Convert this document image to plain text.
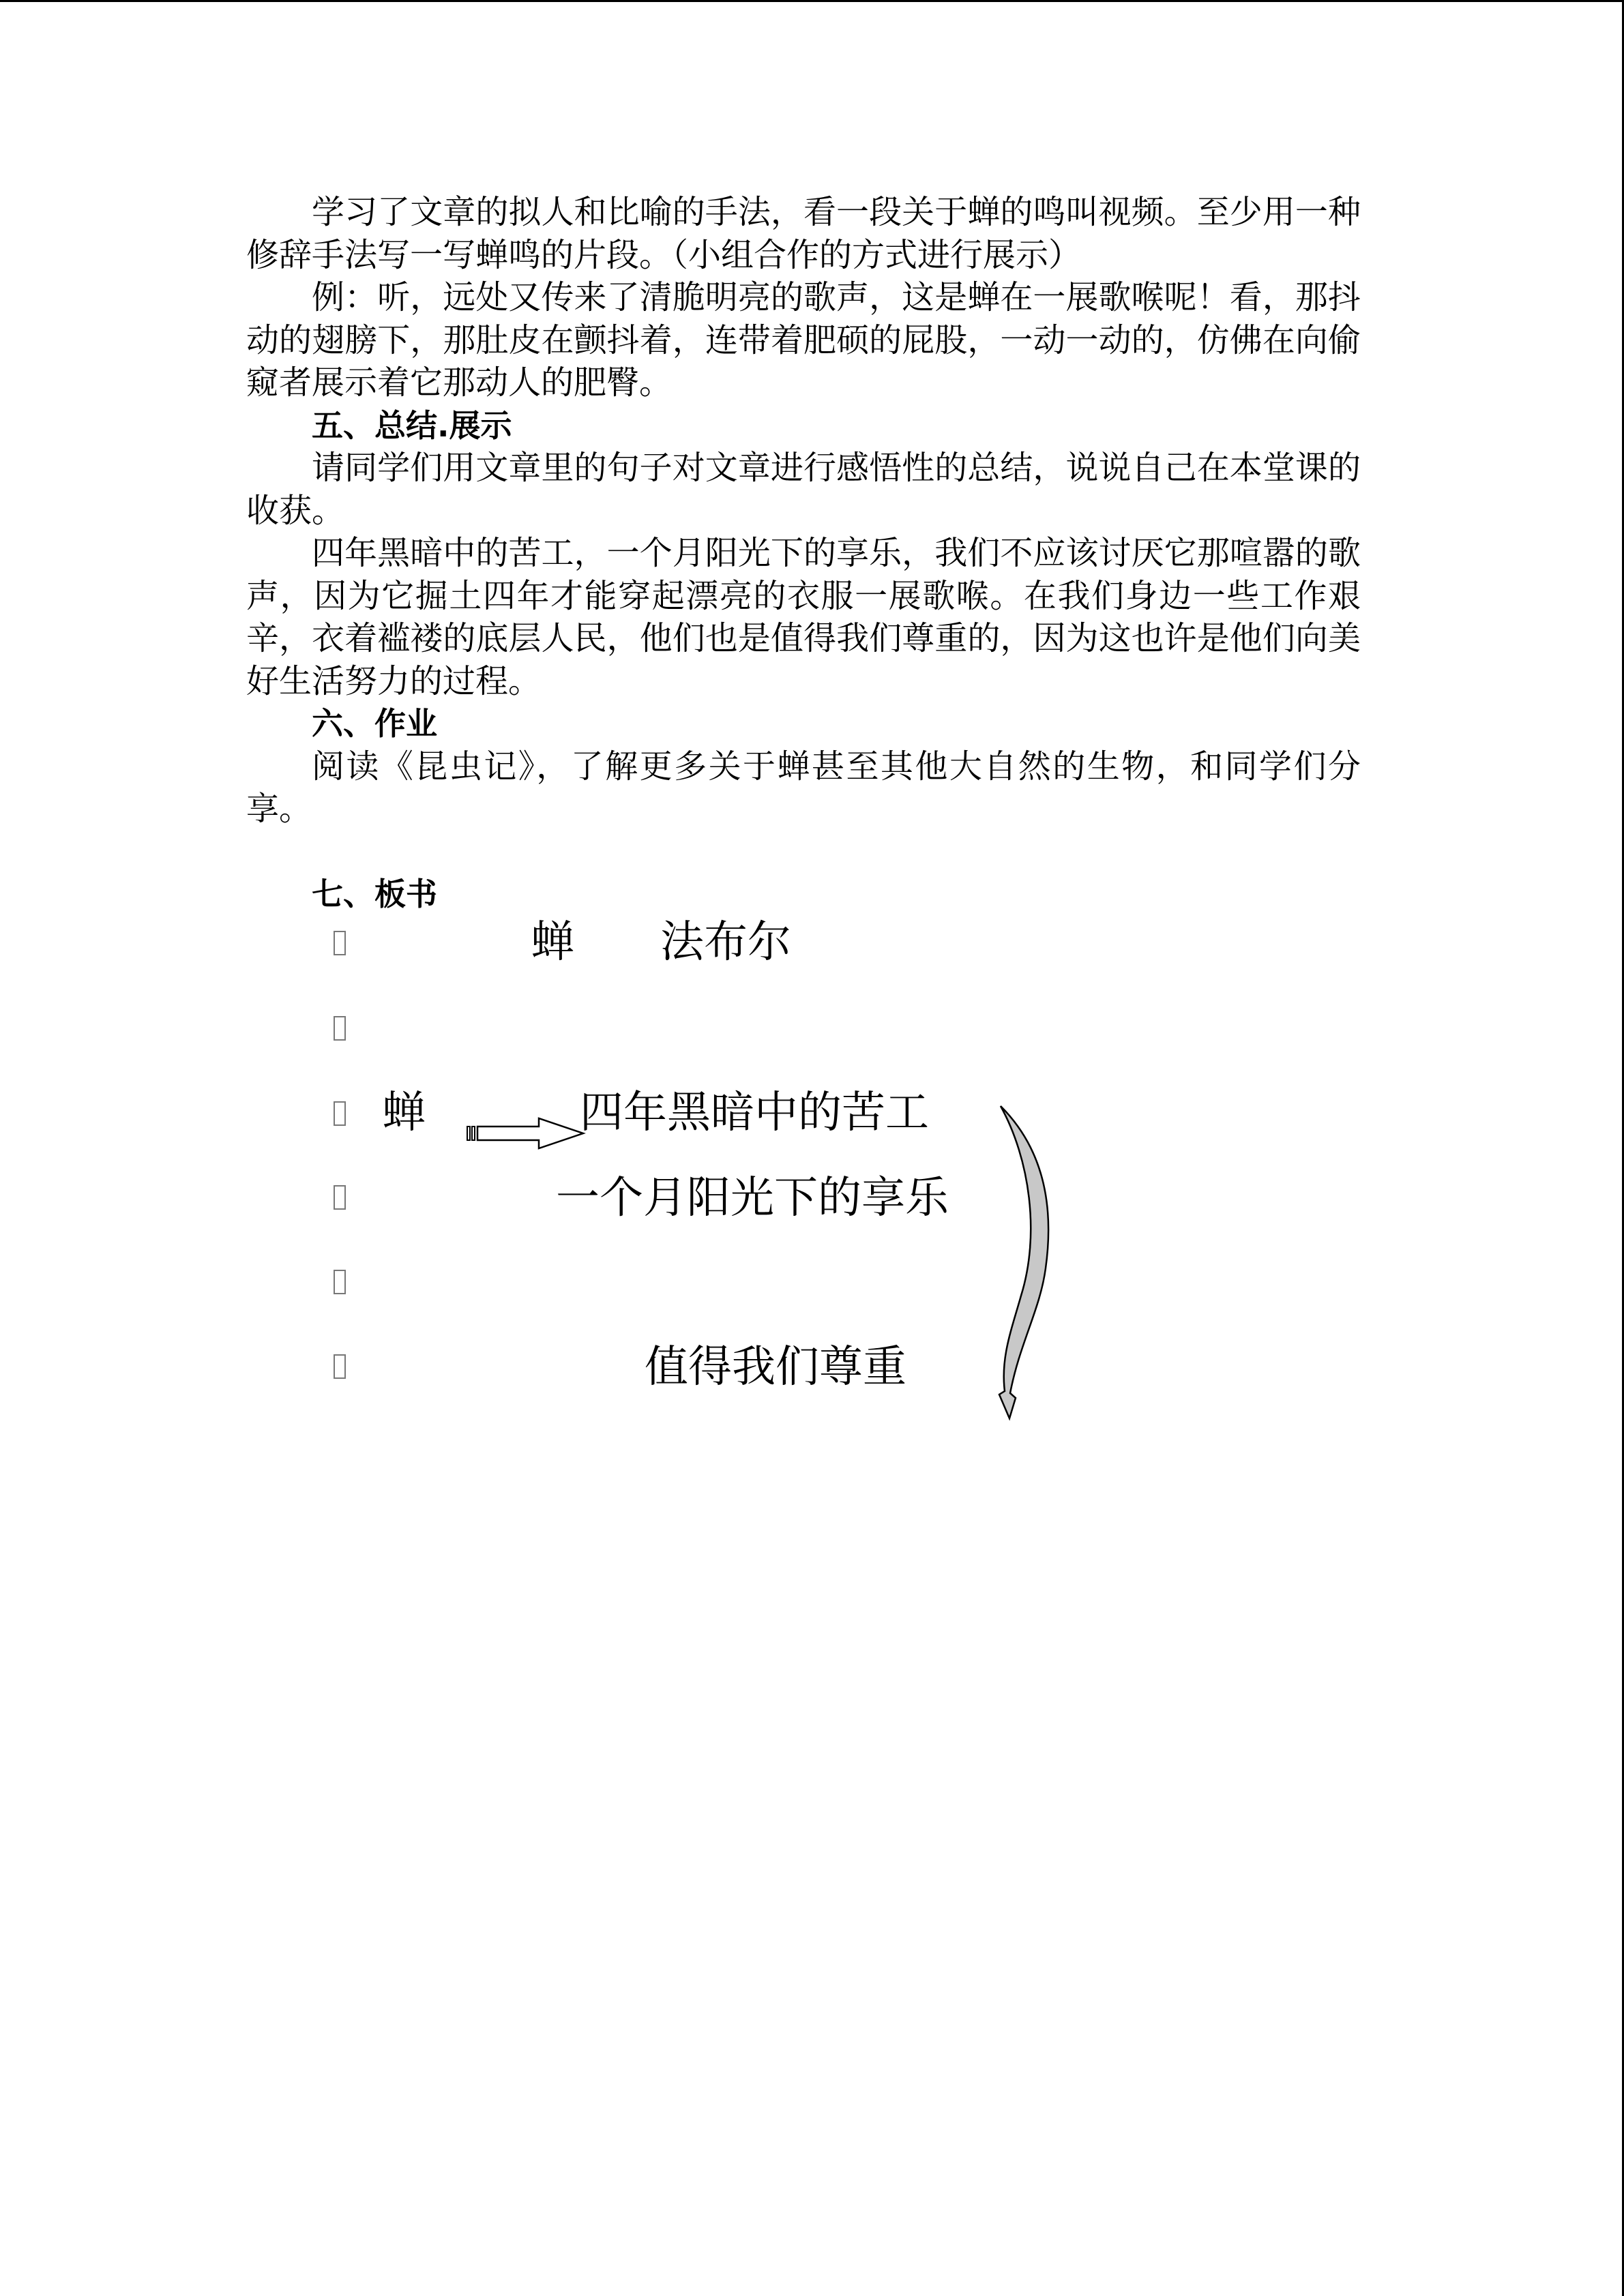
学习了文章的拟人和比喻的手法，看一段关于蝉的鸣叫视频。至少用一种修辞手法写一写蝉鸣的片段。（小组合作的方式进行展示）

例：听，远处又传来了清脆明亮的歌声，这是蝉在一展歌喉呢！看，那抖动的翅膀下，那肚皮在颤抖着，连带着肥硕的屁股，一动一动的，仿佛在向偷窥者展示着它那动人的肥臀。

五、总结.展示

请同学们用文章里的句子对文章进行感悟性的总结，说说自己在本堂课的收获。

四年黑暗中的苦工，一个月阳光下的享乐，我们不应该讨厌它那喧嚣的歌声，因为它掘土四年才能穿起漂亮的衣服一展歌喉。在我们身边一些工作艰辛，衣着褴褛的底层人民，他们也是值得我们尊重的，因为这也许是他们向美好生活努力的过程。

六、作业

阅读《昆虫记》，了解更多关于蝉甚至其他大自然的生物，和同学们分享。

七、板书

蝉 法布尔
蝉	四年黑暗中的苦工
一个月阳光下的享乐
值得我们尊重
